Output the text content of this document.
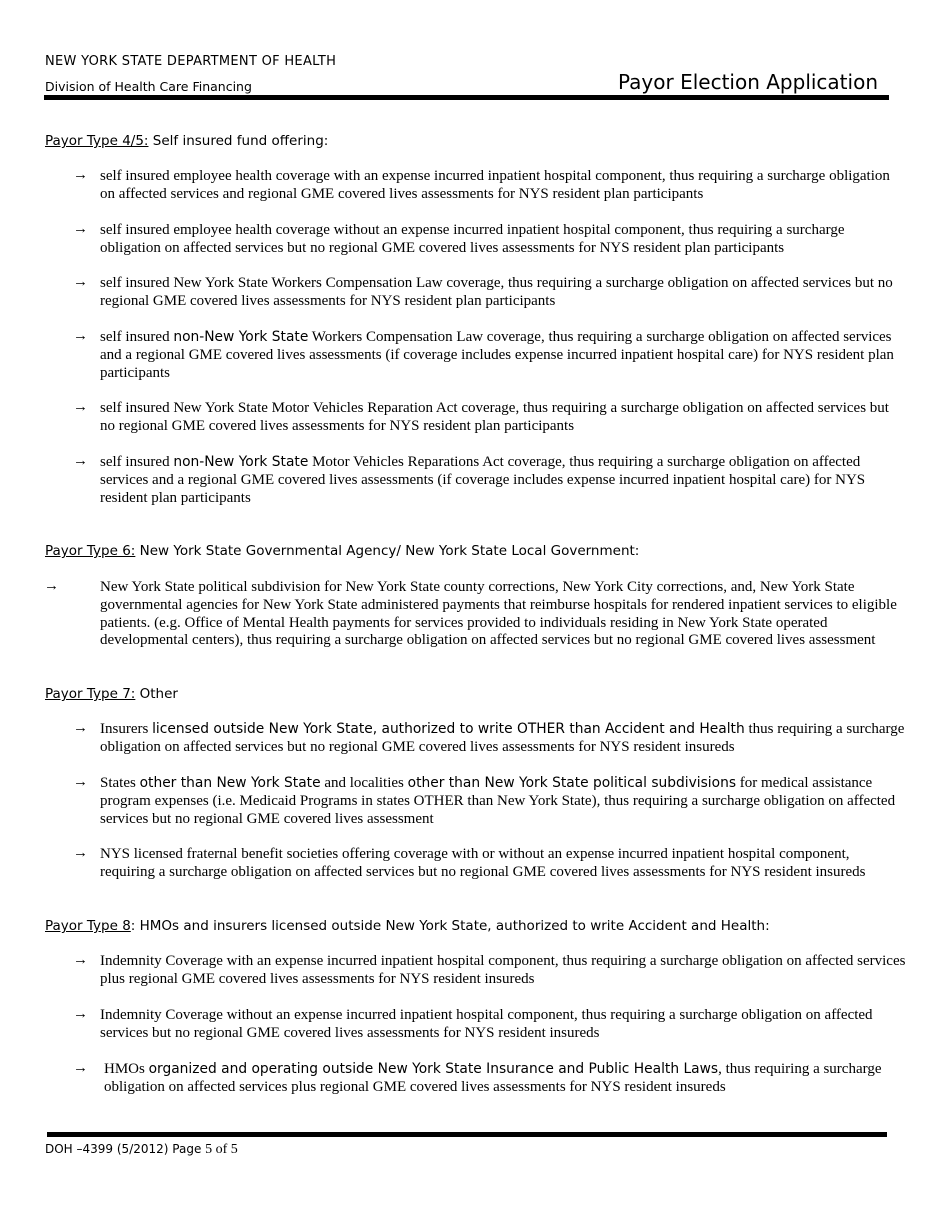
NEW YORK STATE DEPARTMENT OF HEALTH
Division of Health Care Financing	Payor Election Application
Payor Type 4/5: Self insured fund offering:
→ self insured employee health coverage with an expense incurred inpatient hospital component, thus requiring a surcharge obligation on affected services and regional GME covered lives assessments for NYS resident plan participants
→ self insured employee health coverage without an expense incurred inpatient hospital component, thus requiring a surcharge obligation on affected services but no regional GME covered lives assessments for NYS resident plan participants
→ self insured New York State Workers Compensation Law coverage, thus requiring a surcharge obligation on affected services but no regional GME covered lives assessments for NYS resident plan participants
→ self insured non-New York State Workers Compensation Law coverage, thus requiring a surcharge obligation on affected services and a regional GME covered lives assessments (if coverage includes expense incurred inpatient hospital care) for NYS resident plan participants
→ self insured New York State Motor Vehicles Reparation Act coverage, thus requiring a surcharge obligation on affected services but no regional GME covered lives assessments for NYS resident plan participants
→ self insured non-New York State Motor Vehicles Reparations Act coverage, thus requiring a surcharge obligation on affected services and a regional GME covered lives assessments (if coverage includes expense incurred inpatient hospital care) for NYS resident plan participants
Payor Type 6: New York State Governmental Agency/ New York State Local Government:
→	New York State political subdivision for New York State county corrections, New York City corrections, and, New York State governmental agencies for New York State administered payments that reimburse hospitals for rendered inpatient services to eligible patients. (e.g. Office of Mental Health payments for services provided to individuals residing in New York State operated developmental centers), thus requiring a surcharge obligation on affected services but no regional GME covered lives assessment
Payor Type 7: Other
→ Insurers licensed outside New York State, authorized to write OTHER than Accident and Health thus requiring a surcharge obligation on affected services but no regional GME covered lives assessments for NYS resident insureds
→ States other than New York State and localities other than New York State political subdivisions for medical assistance program expenses (i.e. Medicaid Programs in states OTHER than New York State), thus requiring a surcharge obligation on affected services but no regional GME covered lives assessment
→ NYS licensed fraternal benefit societies offering coverage with or without an expense incurred inpatient hospital component, requiring a surcharge obligation on affected services but no regional GME covered lives assessments for NYS resident insureds
Payor Type 8: HMOs and insurers licensed outside New York State, authorized to write Accident and Health:
→ Indemnity Coverage with an expense incurred inpatient hospital component, thus requiring a surcharge obligation on affected services plus regional GME covered lives assessments for NYS resident insureds
→ Indemnity Coverage without an expense incurred inpatient hospital component, thus requiring a surcharge obligation on affected services but no regional GME covered lives assessments for NYS resident insureds
→ HMOs organized and operating outside New York State Insurance and Public Health Laws, thus requiring a surcharge obligation on affected services plus regional GME covered lives assessments for NYS resident insureds
DOH –4399 (5/2012) Page 5 of 5
